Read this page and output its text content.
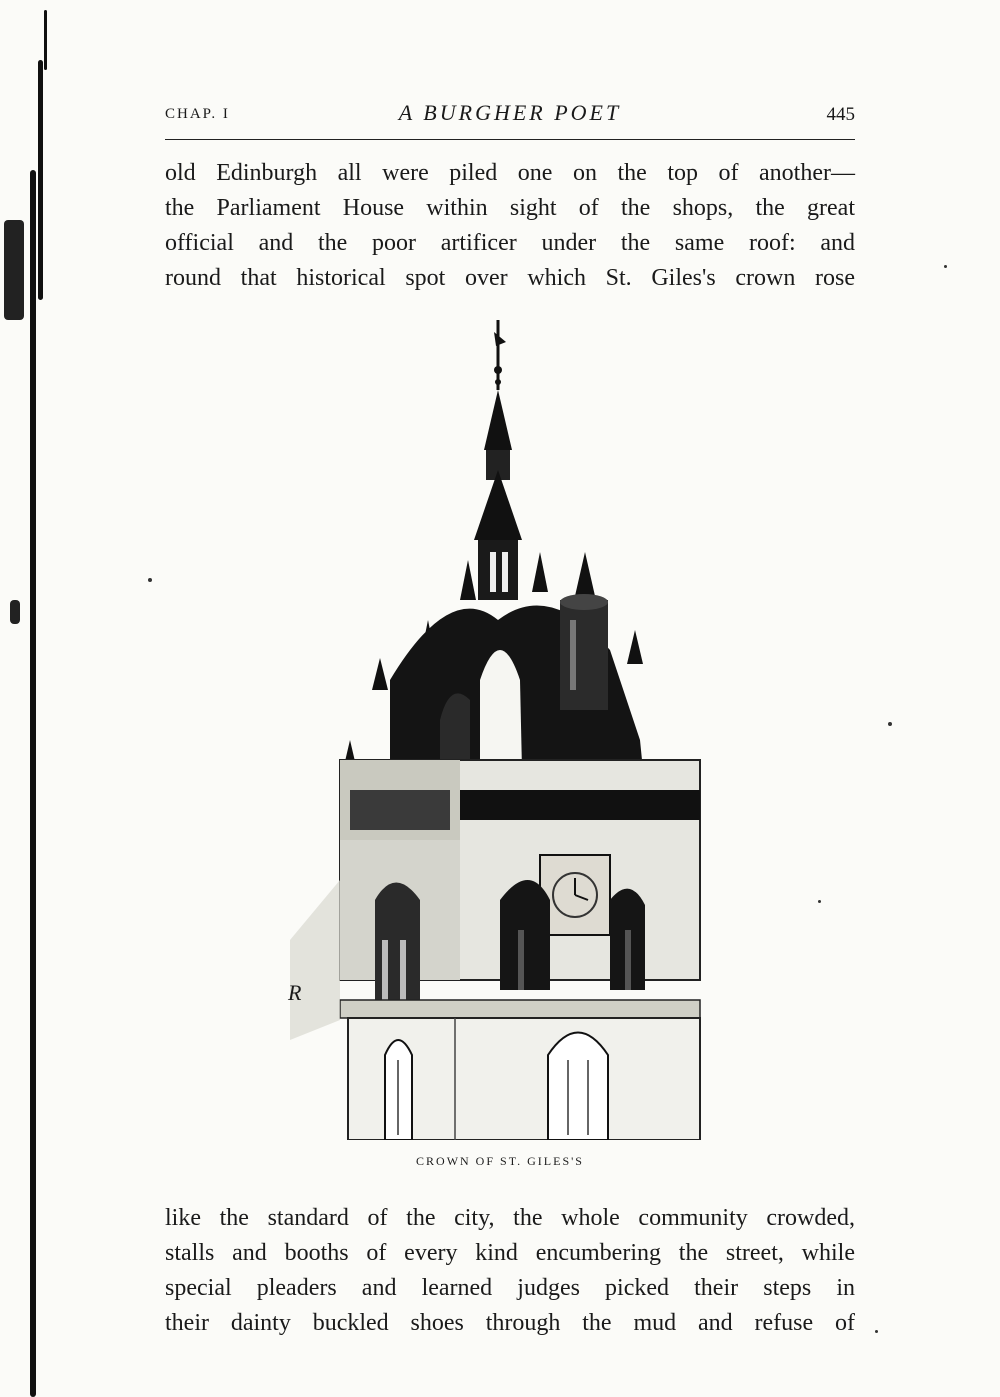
CHAP. I	A BURGHER POET	445
old Edinburgh all were piled one on the top of another—
the Parliament House within sight of the shops, the great
official and the poor artificer under the same roof: and
round that historical spot over which St. Giles's crown rose
R
CROWN OF ST. GILES'S
like the standard of the city, the whole community crowded,
stalls and booths of every kind encumbering the street, while
special pleaders and learned judges picked their steps in
their dainty buckled shoes through the mud and refuse of
